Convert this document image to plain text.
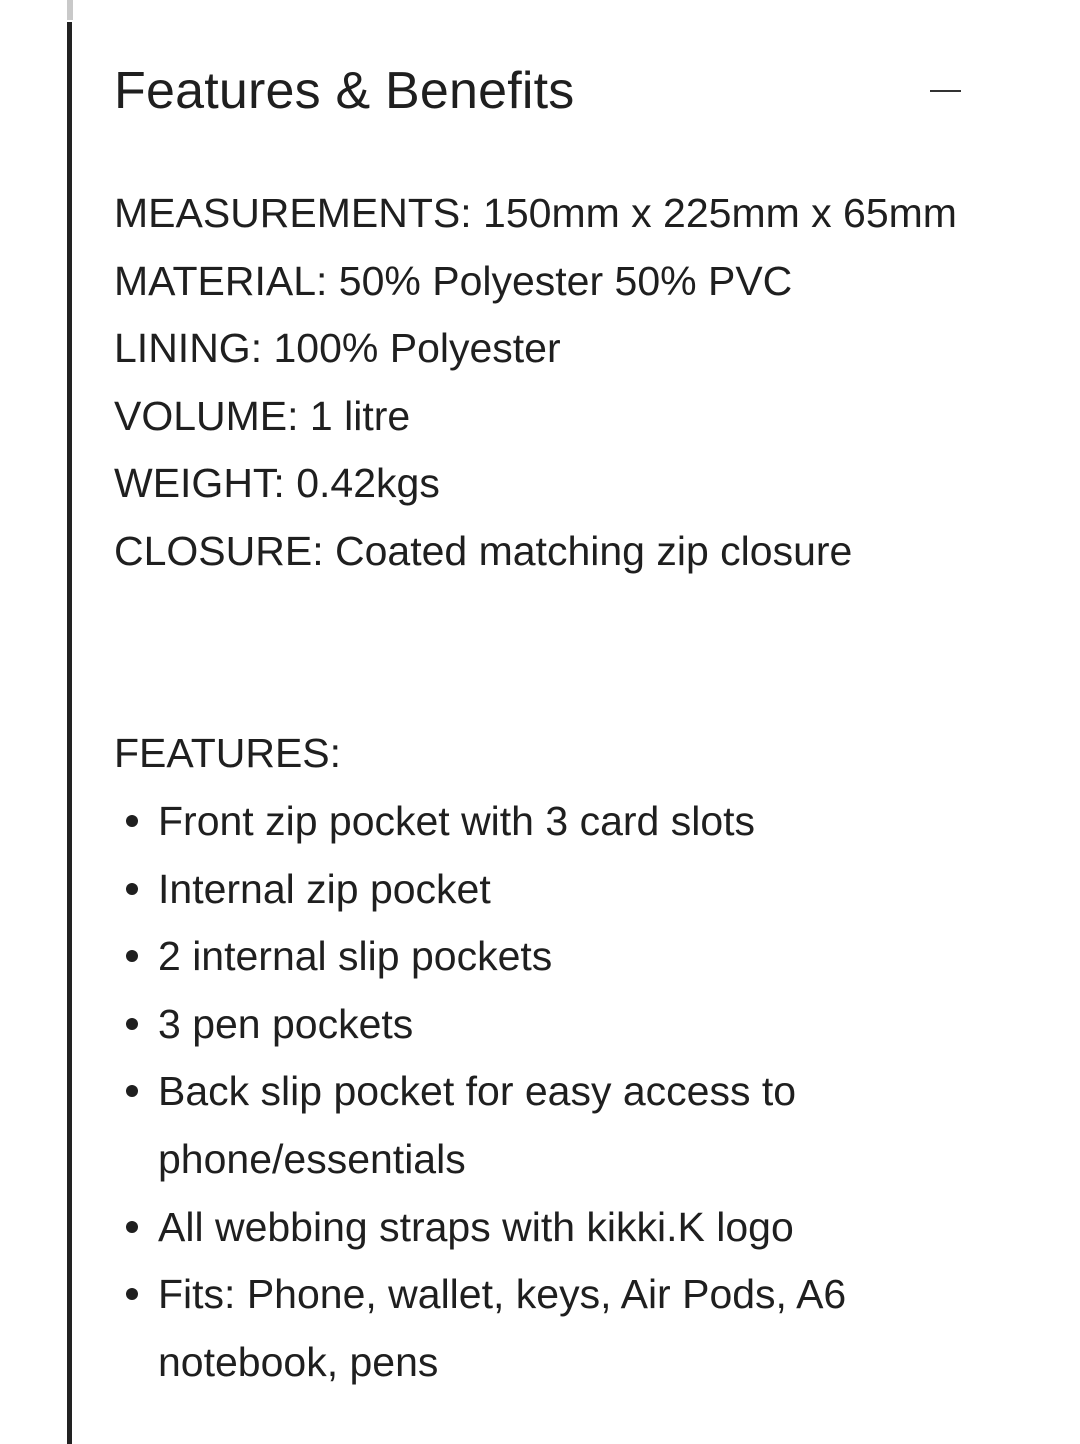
Features & Benefits
MEASUREMENTS: 150mm x 225mm x 65mm
MATERIAL: 50% Polyester 50% PVC
LINING: 100% Polyester
VOLUME: 1 litre
WEIGHT: 0.42kgs
CLOSURE: Coated matching zip closure

FEATURES:

Front zip pocket with 3 card slots
Internal zip pocket
2 internal slip pockets
3 pen pockets
Back slip pocket for easy access to phone/essentials
All webbing straps with kikki.K logo
Fits: Phone, wallet, keys, Air Pods, A6 notebook, pens
